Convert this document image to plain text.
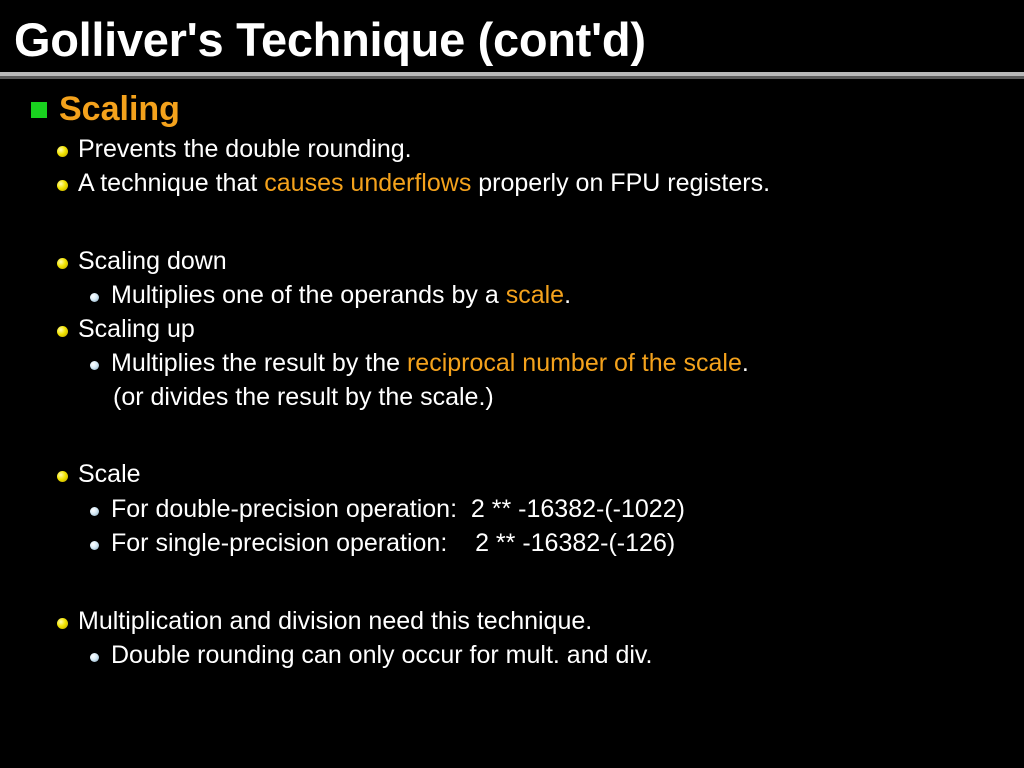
Golliver's Technique (cont'd)
Scaling
Prevents the double rounding.
A technique that causes underflows properly on FPU registers.
Scaling down
Multiplies one of the operands by a scale.
Scaling up
Multiplies the result by the reciprocal number of the scale.
(or divides the result by the scale.)
Scale
For double-precision operation:  2 ** -16382-(-1022)
For single-precision operation:    2 ** -16382-(-126)
Multiplication and division need this technique.
Double rounding can only occur for mult. and div.
